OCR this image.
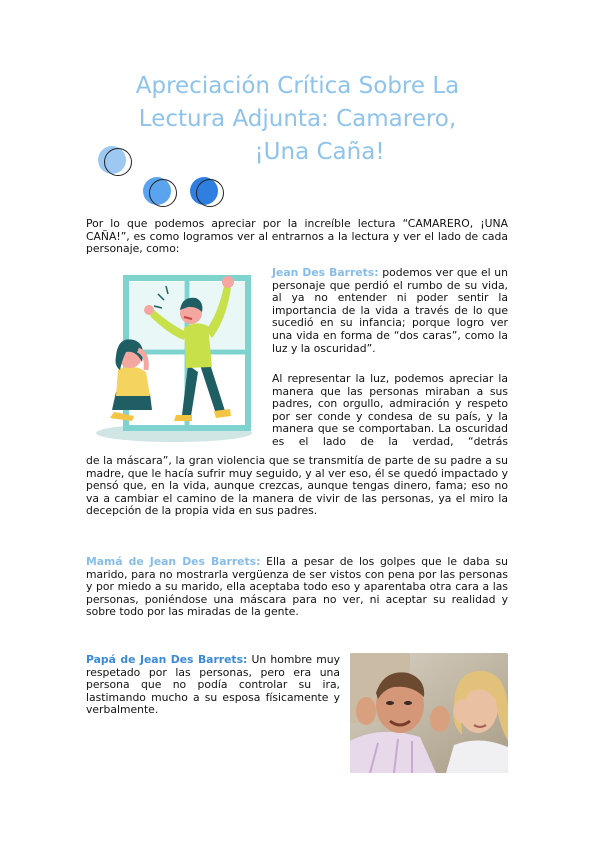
Apreciación Crítica Sobre La
Lectura Adjunta: Camarero,
¡Una Caña!

Por lo que podemos apreciar por la increíble lectura “CAMARERO, ¡UNA CAÑA!”, es como logramos ver al entrarnos a la lectura y ver el lado de cada personaje, como:

Jean Des Barrets: podemos ver que el un personaje que perdió el rumbo de su vida, al ya no entender ni poder sentir la importancia de la vida a través de lo que sucedió en su infancia; porque logro ver una vida en forma de “dos caras”, como la luz y la oscuridad”.

Al representar la luz, podemos apreciar la manera que las personas miraban a sus padres, con orgullo, admiración y respeto por ser conde y condesa de su país, y la manera que se comportaban. La oscuridad es el lado de la verdad, “detrás

de la máscara”, la gran violencia que se transmitía de parte de su padre a su madre, que le hacía sufrir muy seguido, y al ver eso, él se quedó impactado y pensó que, en la vida, aunque crezcas, aunque tengas dinero, fama; eso no va a cambiar el camino de la manera de vivir de las personas, ya el miro la decepción de la propia vida en sus padres.

Mamá de Jean Des Barrets: Ella a pesar de los golpes que le daba su marido, para no mostrarla vergüenza de ser vistos con pena por las personas y por miedo a su marido, ella aceptaba todo eso y aparentaba otra cara a las personas, poniéndose una máscara para no ver, ni aceptar su realidad y sobre todo por las miradas de la gente.

Papá de Jean Des Barrets: Un hombre muy respetado por las personas, pero era una persona que no podía controlar su ira, lastimando mucho a su esposa físicamente y verbalmente.
